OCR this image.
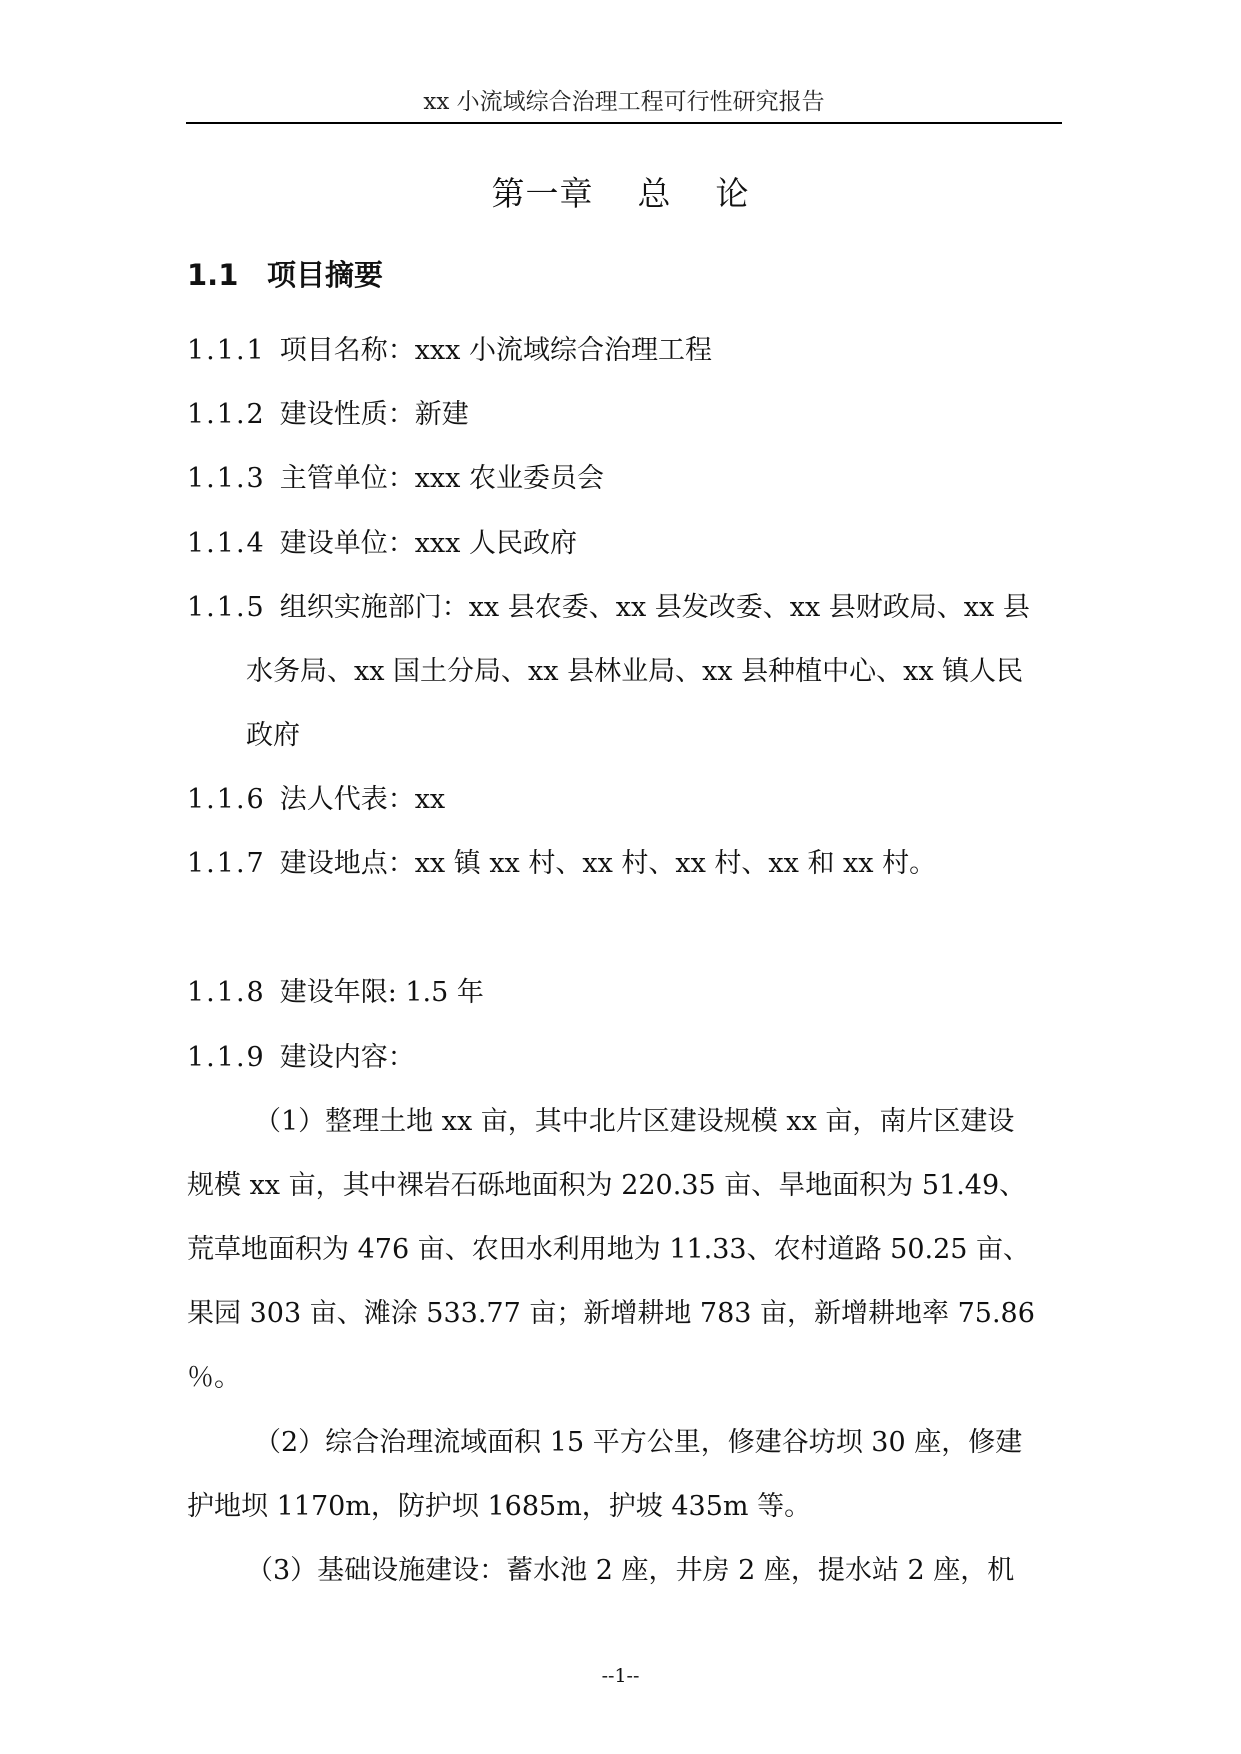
xx 小流域综合治理工程可行性研究报告
第一章 总 论
1.1 项目摘要
1.1.1 项目名称：xxx 小流域综合治理工程
1.1.2 建设性质：新建
1.1.3 主管单位：xxx 农业委员会
1.1.4 建设单位：xxx 人民政府
1.1.5 组织实施部门：xx 县农委、xx 县发改委、xx 县财政局、xx 县
水务局、xx 国土分局、xx 县林业局、xx 县种植中心、xx 镇人民
政府
1.1.6 法人代表：xx
1.1.7 建设地点：xx 镇 xx 村、xx 村、xx 村、xx 和 xx 村。
1.1.8 建设年限: 1.5 年
1.1.9 建设内容：
（1）整理土地 xx 亩，其中北片区建设规模 xx 亩，南片区建设
规模 xx 亩，其中裸岩石砾地面积为 220.35 亩、旱地面积为 51.49、
荒草地面积为 476 亩、农田水利用地为 11.33、农村道路 50.25 亩、
果园 303 亩、滩涂 533.77 亩；新增耕地 783 亩，新增耕地率 75.86
％。
（2）综合治理流域面积 15 平方公里，修建谷坊坝 30 座，修建
护地坝 1170m，防护坝 1685m，护坡 435m 等。
（3）基础设施建设：蓄水池 2 座，井房 2 座，提水站 2 座，机
--1--
